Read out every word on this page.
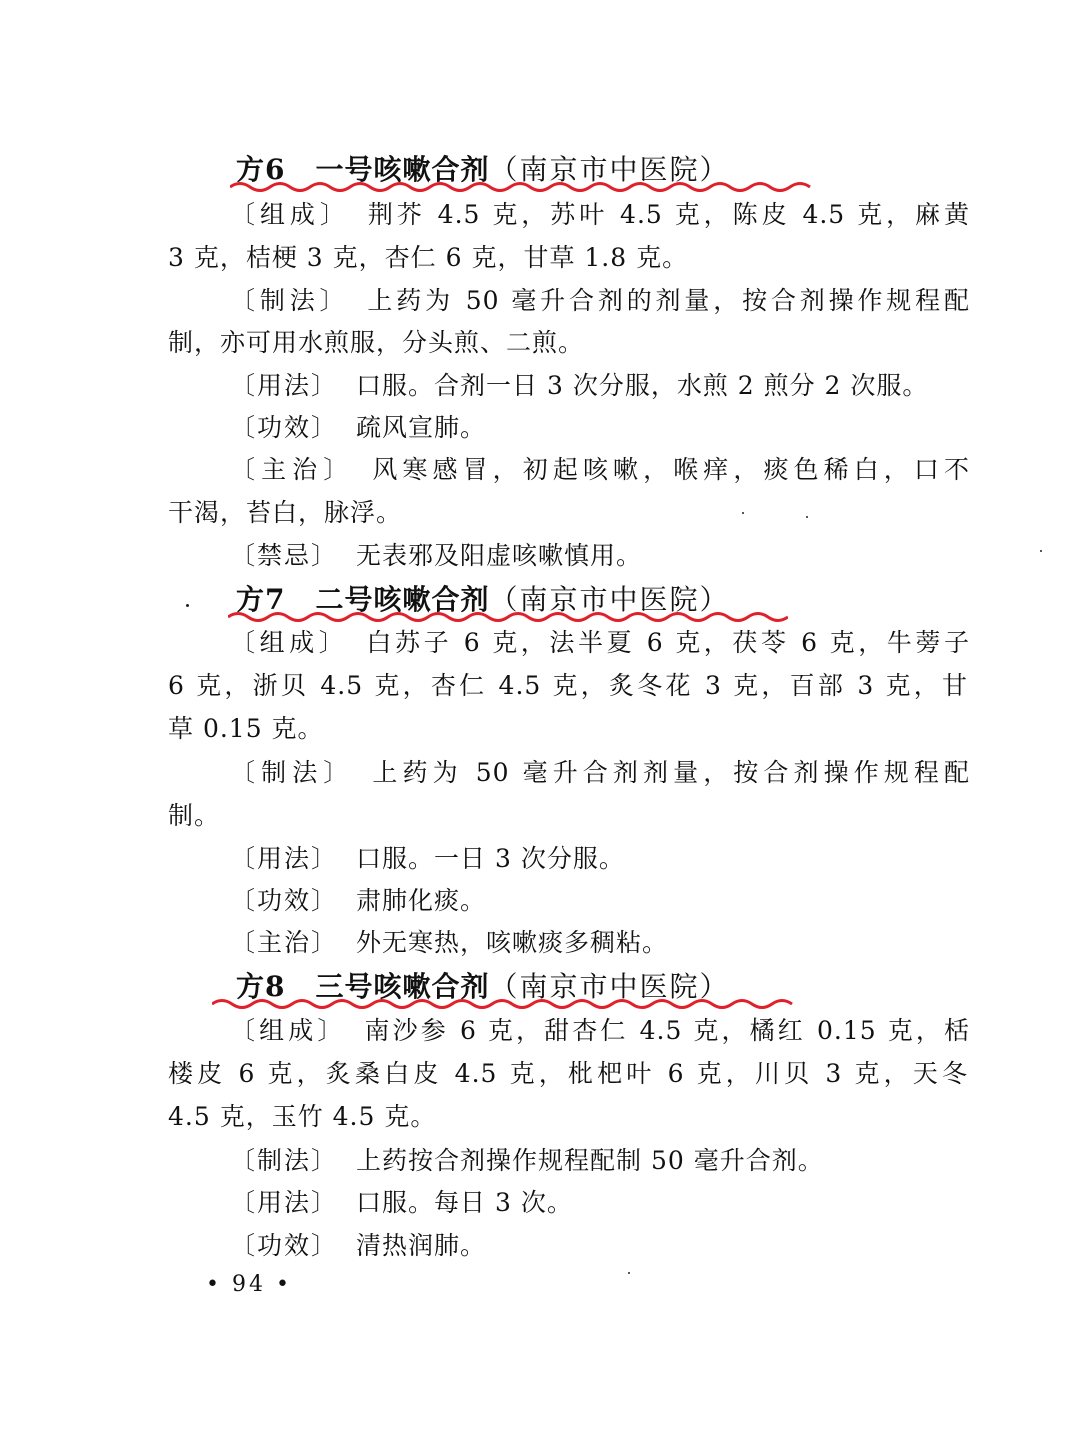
方6 一号咳嗽合剂（南京市中医院）
〔组成〕 荆芥 4.5 克，苏叶 4.5 克，陈皮 4.5 克，麻黄
3 克，桔梗 3 克，杏仁 6 克，甘草 1.8 克。
〔制法〕 上药为 50 毫升合剂的剂量，按合剂操作规程配
制，亦可用水煎服，分头煎、二煎。
〔用法〕 口服。合剂一日 3 次分服，水煎 2 煎分 2 次服。
〔功效〕 疏风宣肺。
〔主治〕 风寒感冒，初起咳嗽，喉痒，痰色稀白，口不
干渴，苔白，脉浮。
〔禁忌〕 无表邪及阳虚咳嗽慎用。
方7 二号咳嗽合剂（南京市中医院）
〔组成〕 白苏子 6 克，法半夏 6 克，茯苓 6 克，牛蒡子
6 克，浙贝 4.5 克，杏仁 4.5 克，炙冬花 3 克，百部 3 克，甘
草 0.15 克。
〔制法〕 上药为 50 毫升合剂剂量，按合剂操作规程配
制。
〔用法〕 口服。一日 3 次分服。
〔功效〕 肃肺化痰。
〔主治〕 外无寒热，咳嗽痰多稠粘。
方8 三号咳嗽合剂（南京市中医院）
〔组成〕 南沙参 6 克，甜杏仁 4.5 克，橘红 0.15 克，栝
楼皮 6 克，炙桑白皮 4.5 克，枇杷叶 6 克，川贝 3 克，天冬
4.5 克，玉竹 4.5 克。
〔制法〕 上药按合剂操作规程配制 50 毫升合剂。
〔用法〕 口服。每日 3 次。
〔功效〕 清热润肺。
• 94 •
